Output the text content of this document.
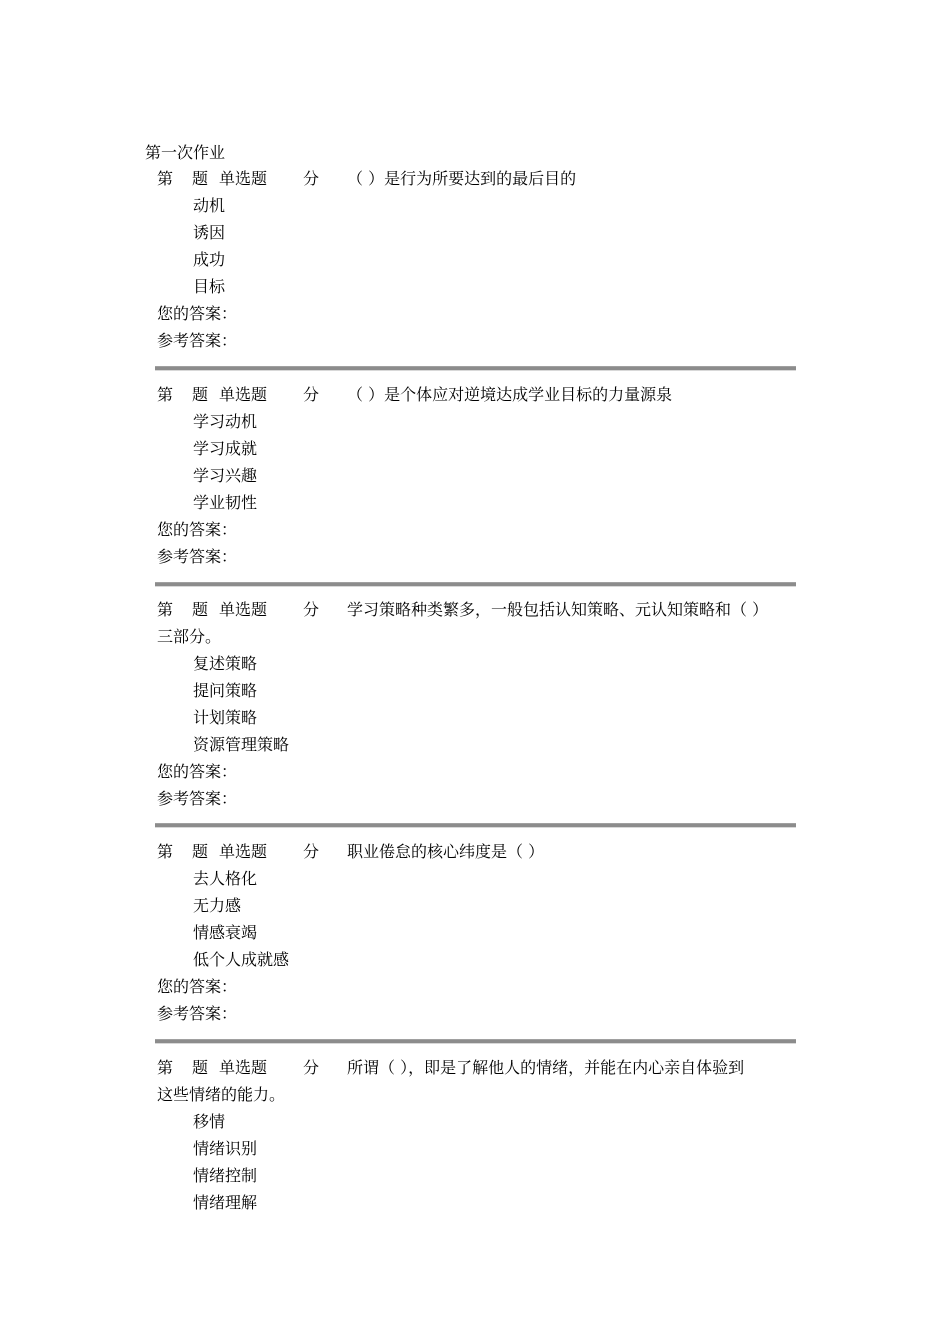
第一次作业
第 题 单选题 分 （ ）是行为所要达到的最后目的
动机
诱因
成功
目标
您的答案：
参考答案：
第 题 单选题 分 （ ）是个体应对逆境达成学业目标的力量源泉
学习动机
学习成就
学习兴趣
学业韧性
您的答案：
参考答案：
第 题 单选题 分 学习策略种类繁多，一般包括认知策略、元认知策略和（ ）
三部分。
复述策略
提问策略
计划策略
资源管理策略
您的答案：
参考答案：
第 题 单选题 分 职业倦怠的核心纬度是（ ）
去人格化
无力感
情感衰竭
低个人成就感
您的答案：
参考答案：
第 题 单选题 分 所谓（ ），即是了解他人的情绪，并能在内心亲自体验到
这些情绪的能力。
移情
情绪识别
情绪控制
情绪理解
